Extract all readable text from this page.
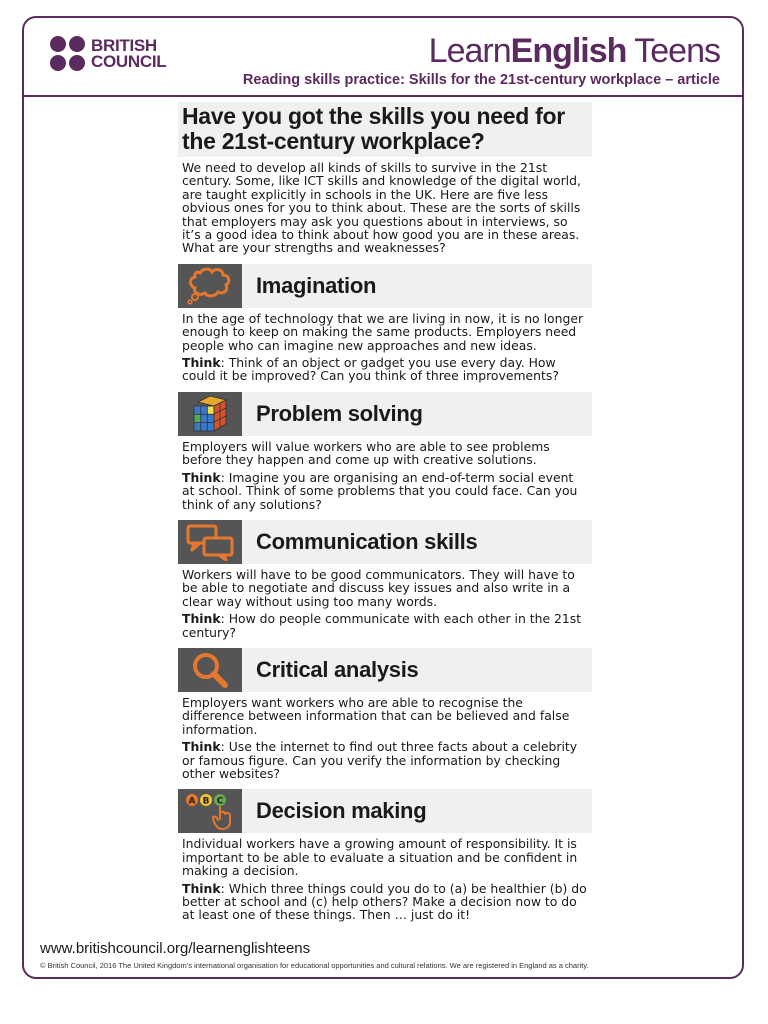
BRITISH
COUNCIL	LearnEnglish Teens
Reading skills practice: Skills for the 21st-century workplace – article
Have you got the skills you need for the 21st-century workplace?

We need to develop all kinds of skills to survive in the 21st century. Some, like ICT skills and knowledge of the digital world, are taught explicitly in schools in the UK. Here are five less obvious ones for you to think about. These are the sorts of skills that employers may ask you questions about in interviews, so it’s a good idea to think about how good you are in these areas. What are your strengths and weaknesses?

Imagination

In the age of technology that we are living in now, it is no longer enough to keep on making the same products. Employers need people who can imagine new approaches and new ideas.

Think: Think of an object or gadget you use every day. How could it be improved? Can you think of three improvements?

Problem solving

Employers will value workers who are able to see problems before they happen and come up with creative solutions.

Think: Imagine you are organising an end-of-term social event at school. Think of some problems that you could face. Can you think of any solutions?

Communication skills

Workers will have to be good communicators. They will have to be able to negotiate and discuss key issues and also write in a clear way without using too many words.

Think: How do people communicate with each other in the 21st century?

Critical analysis

Employers want workers who are able to recognise the difference between information that can be believed and false information.

Think: Use the internet to find out three facts about a celebrity or famous figure. Can you verify the information by checking other websites?

A B C Decision making

Individual workers have a growing amount of responsibility. It is important to be able to evaluate a situation and be confident in making a decision.

Think: Which three things could you do to (a) be healthier (b) do better at school and (c) help others? Make a decision now to do at least one of these things. Then … just do it!

www.britishcouncil.org/learnenglishteens
© British Council, 2016 The United Kingdom’s international organisation for educational opportunities and cultural relations. We are registered in England as a charity.
